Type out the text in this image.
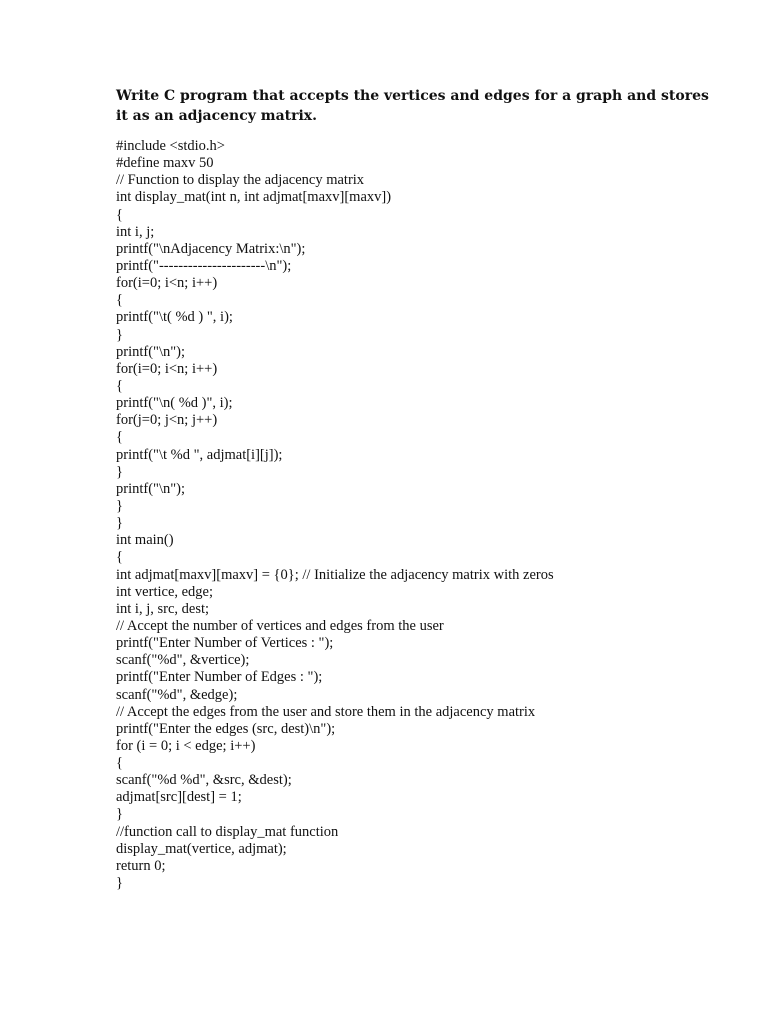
Write C program that accepts the vertices and edges for a graph and stores
it as an adjacency matrix.
#include <stdio.h>
#define maxv 50
// Function to display the adjacency matrix
int display_mat(int n, int adjmat[maxv][maxv])
{
int i, j;
printf("\nAdjacency Matrix:\n");
printf("----------------------\n");
for(i=0; i<n; i++)
{
printf("\t( %d ) ", i);
}
printf("\n");
for(i=0; i<n; i++)
{
printf("\n( %d )", i);
for(j=0; j<n; j++)
{
printf("\t %d ", adjmat[i][j]);
}
printf("\n");
}
}
int main()
{
int adjmat[maxv][maxv] = {0}; // Initialize the adjacency matrix with zeros
int vertice, edge;
int i, j, src, dest;
// Accept the number of vertices and edges from the user
printf("Enter Number of Vertices : ");
scanf("%d", &vertice);
printf("Enter Number of Edges : ");
scanf("%d", &edge);
// Accept the edges from the user and store them in the adjacency matrix
printf("Enter the edges (src, dest)\n");
for (i = 0; i < edge; i++)
{
scanf("%d %d", &src, &dest);
adjmat[src][dest] = 1;
}
//function call to display_mat function
display_mat(vertice, adjmat);
return 0;
}
